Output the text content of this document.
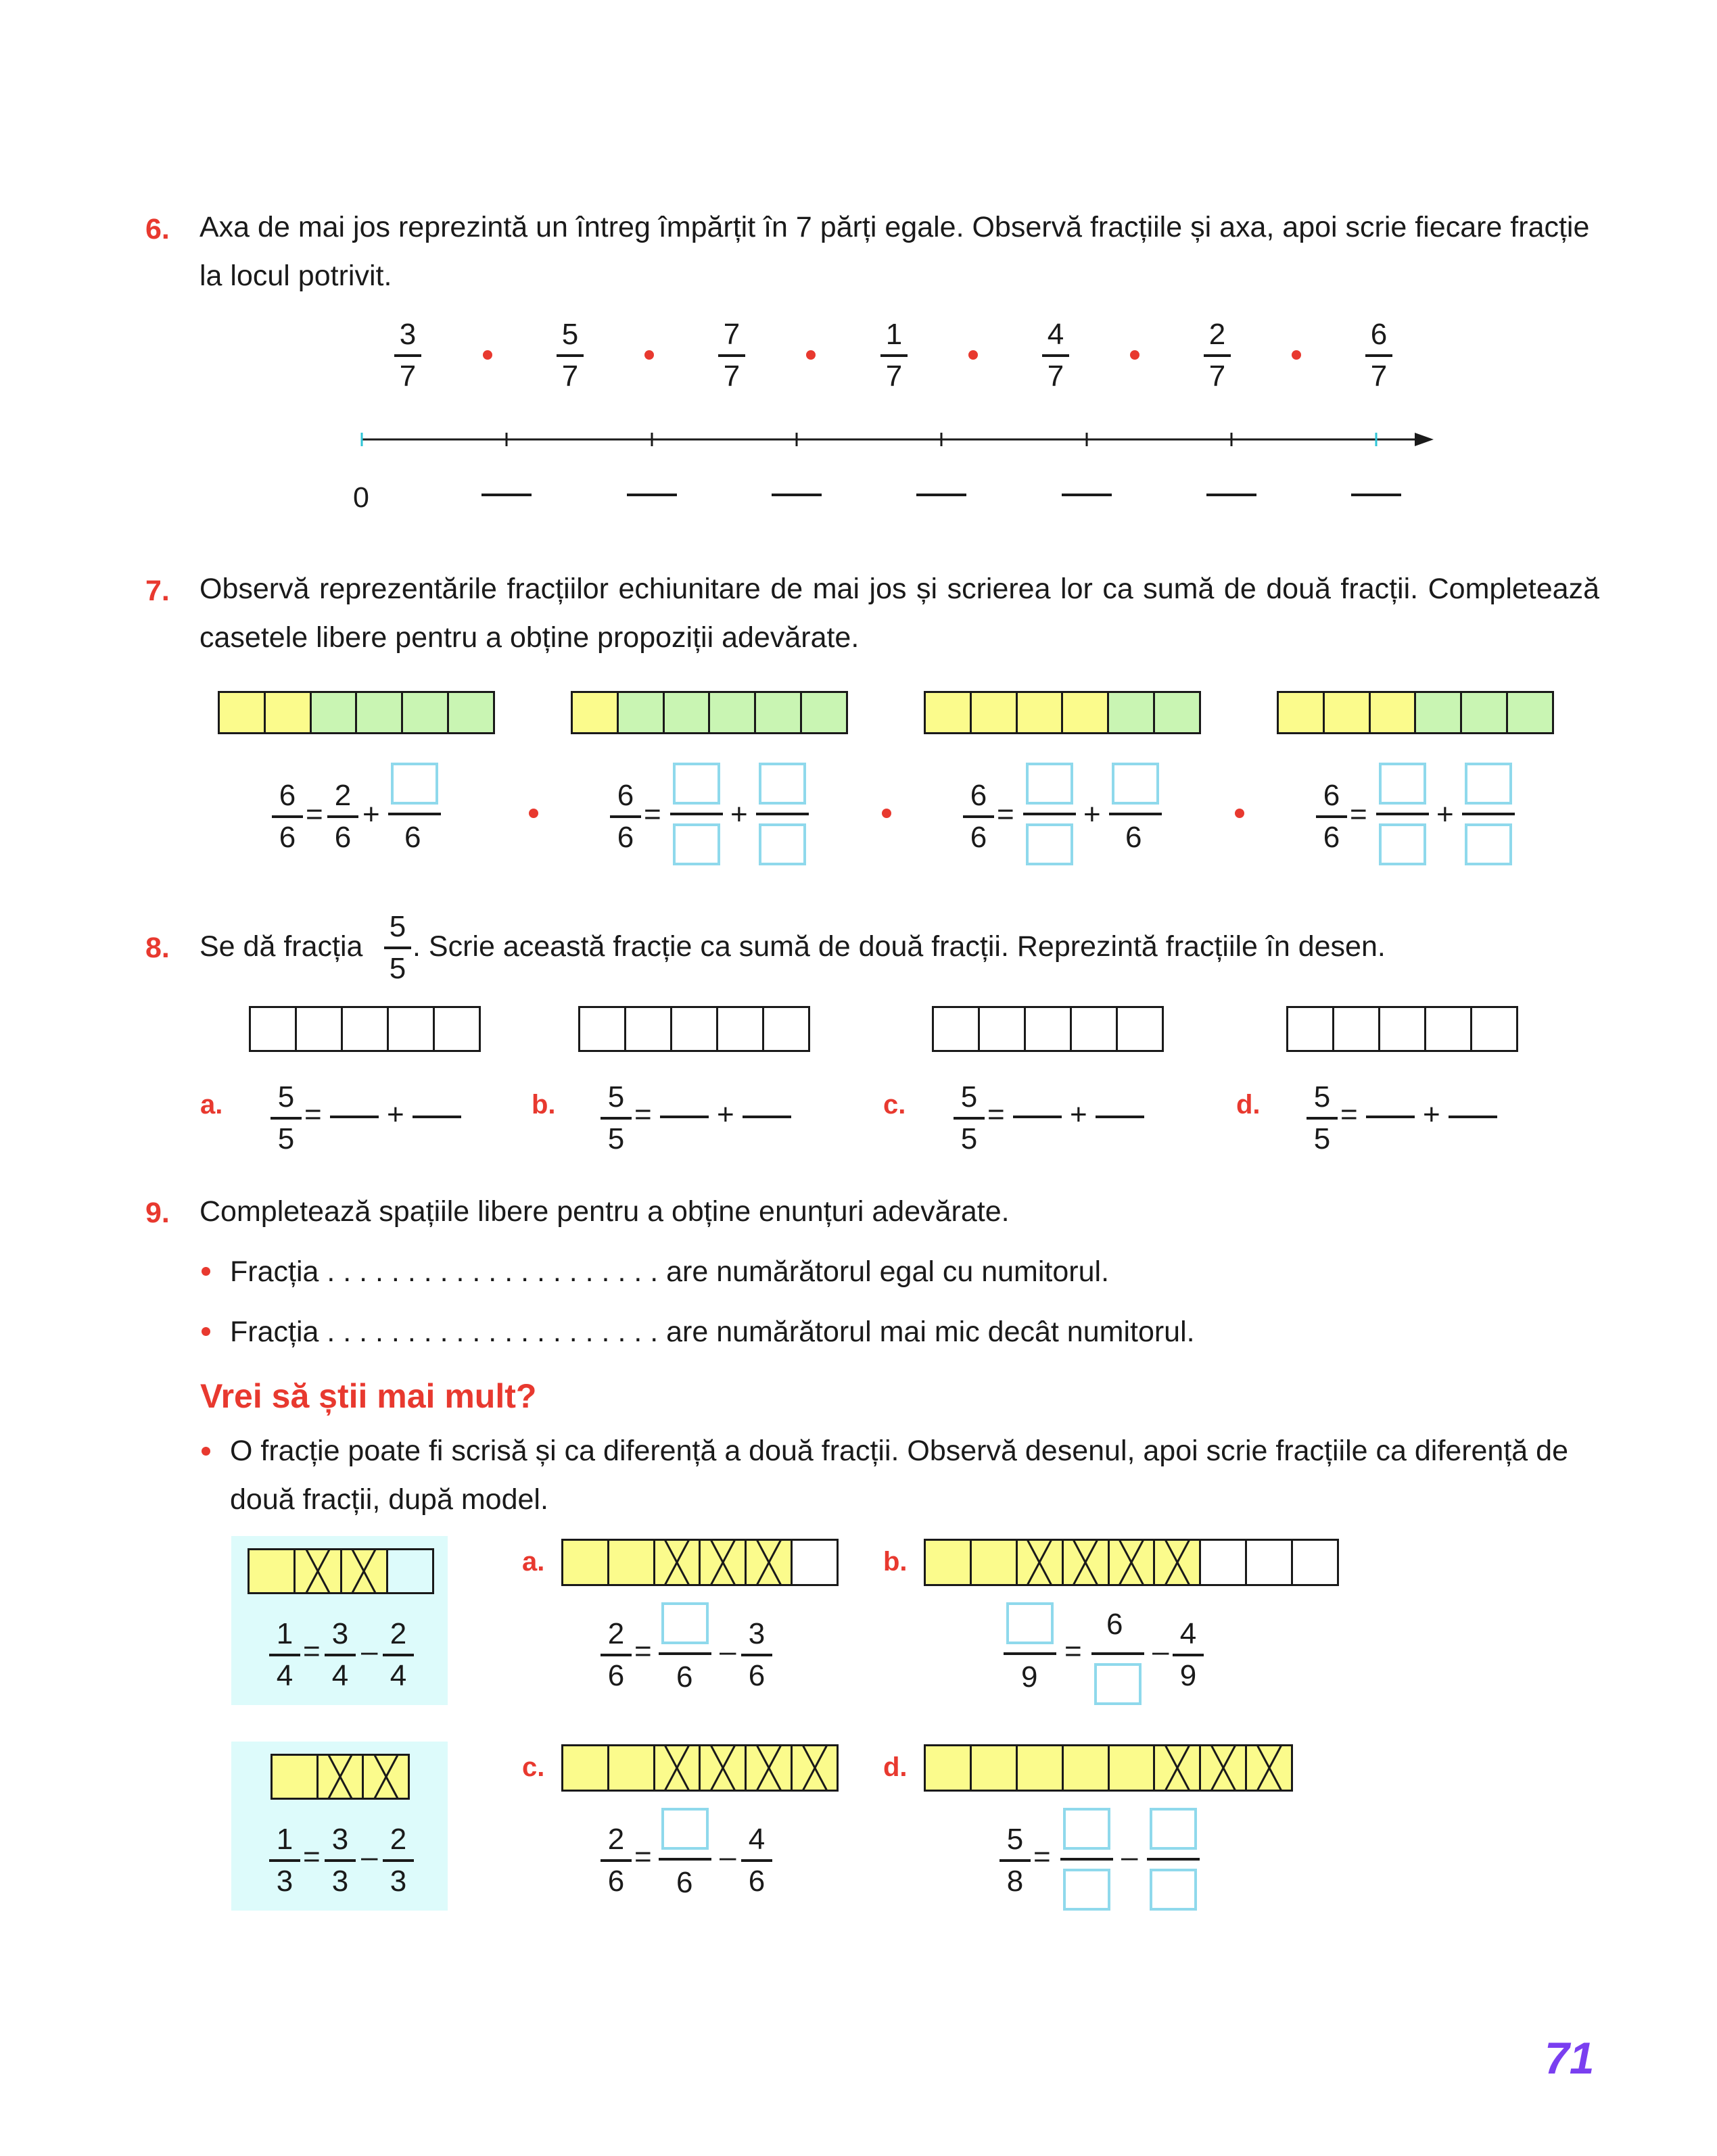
6. Axa de mai jos reprezintă un întreg împărțit în 7 părți egale. Observă fracțiile și axa, apoi scrie fiecare fracție la locul potrivit.
3
7
5
7
7
7
1
7
4
7
2
7
6
7
0
7. Observă reprezentările fracțiilor echiunitare de mai jos și scrierea lor ca sumă de două fracții. Completează casetele libere pentru a obține propoziții adevărate.
6
6
=
2
6
+
6
6
6
= +
6
6
= +
6
6
6
= +
8. Se dă fracția
5
5
. Scrie această fracție ca sumă de două fracții. Reprezintă fracțiile în desen.
a. 5
5
= +	b. 5
5
= +	c. 5
5
= +	d. 5
5
= +
9. Completează spațiile libere pentru a obține enunțuri adevărate.
Fracția . . . . . . . . . . . . . . . . . . . . . are numărătorul egal cu numitorul.
Fracția . . . . . . . . . . . . . . . . . . . . . are numărătorul mai mic decât numitorul.
Vrei să știi mai mult?
O fracție poate fi scrisă și ca diferență a două fracții. Observă desenul, apoi scrie fracțiile ca diferență de două fracții, după model.
1
4
=
3
4
–
2
4
1
3
=
3
3
–
2
3
a.
2
6
=
6
–
3
6
b.
9
=
6
–
4
9
c.
2
6
=
6
–
4
6
d.
5
8
= –
71
